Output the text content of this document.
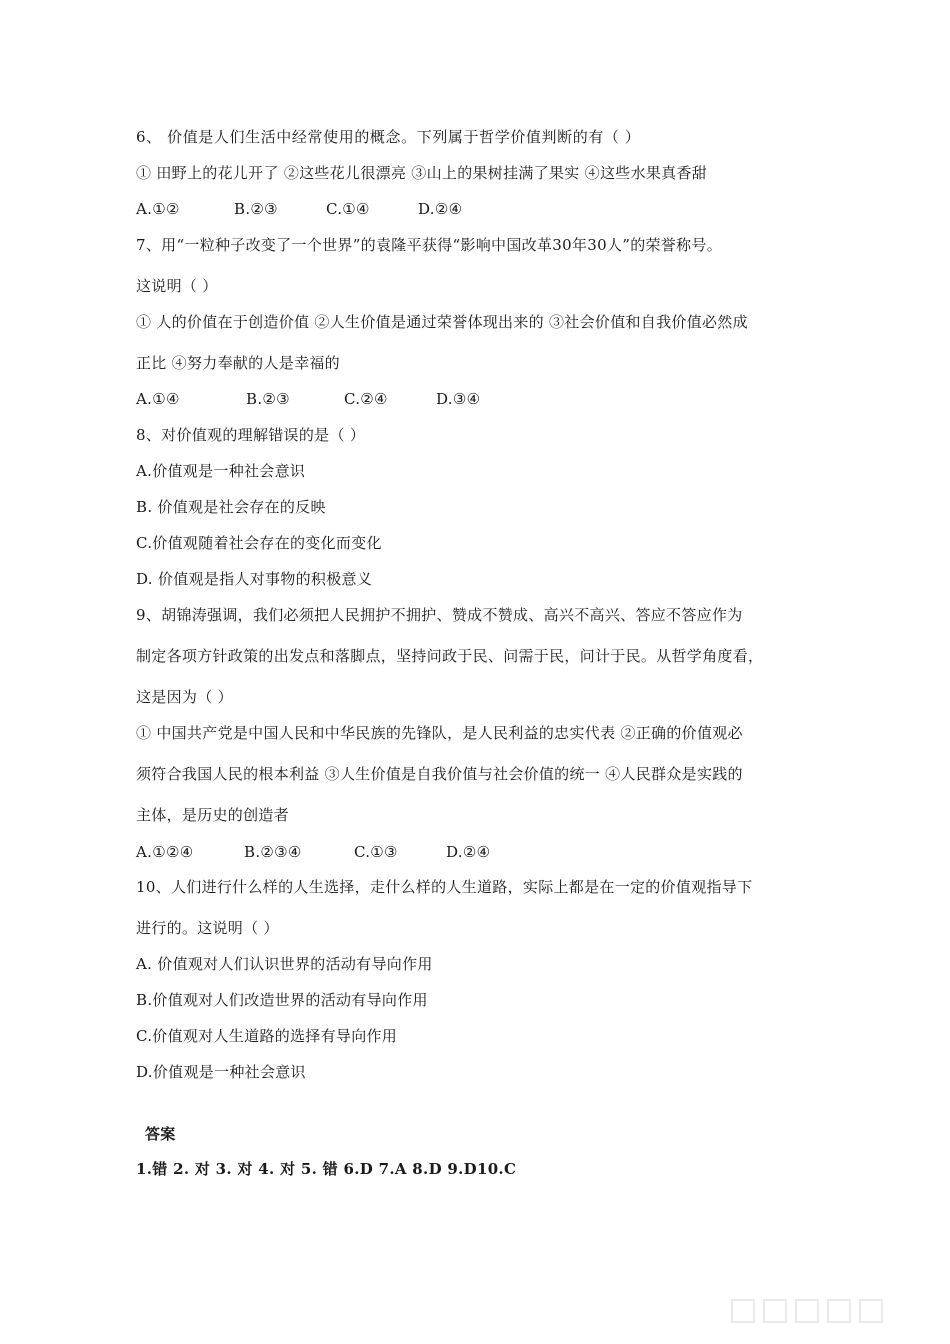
6、 价值是人们生活中经常使用的概念。下列属于哲学价值判断的有（ ）
① 田野上的花儿开了 ②这些花儿很漂亮 ③山上的果树挂满了果实 ④这些水果真香甜
A.①②	B.②③	C.①④	D.②④
7、用“一粒种子改变了一个世界”的袁隆平获得“影响中国改革30年30人”的荣誉称号。
这说明（ ）
① 人的价值在于创造价值 ②人生价值是通过荣誉体现出来的 ③社会价值和自我价值必然成
正比 ④努力奉献的人是幸福的
A.①④	B.②③	C.②④	D.③④
8、对价值观的理解错误的是（ ）
A.价值观是一种社会意识
B. 价值观是社会存在的反映
C.价值观随着社会存在的变化而变化
D. 价值观是指人对事物的积极意义
9、胡锦涛强调，我们必须把人民拥护不拥护、赞成不赞成、高兴不高兴、答应不答应作为
制定各项方针政策的出发点和落脚点，坚持问政于民、问需于民，问计于民。从哲学角度看，
这是因为（ ）
① 中国共产党是中国人民和中华民族的先锋队，是人民利益的忠实代表 ②正确的价值观必
须符合我国人民的根本利益 ③人生价值是自我价值与社会价值的统一 ④人民群众是实践的
主体，是历史的创造者
A.①②④	B.②③④	C.①③	D.②④
10、人们进行什么样的人生选择，走什么样的人生道路，实际上都是在一定的价值观指导下
进行的。这说明（ ）
A. 价值观对人们认识世界的活动有导向作用
B.价值观对人们改造世界的活动有导向作用
C.价值观对人生道路的选择有导向作用
D.价值观是一种社会意识
答案
1.错 2. 对 3. 对 4. 对 5. 错 6.D 7.A 8.D 9.D10.C
